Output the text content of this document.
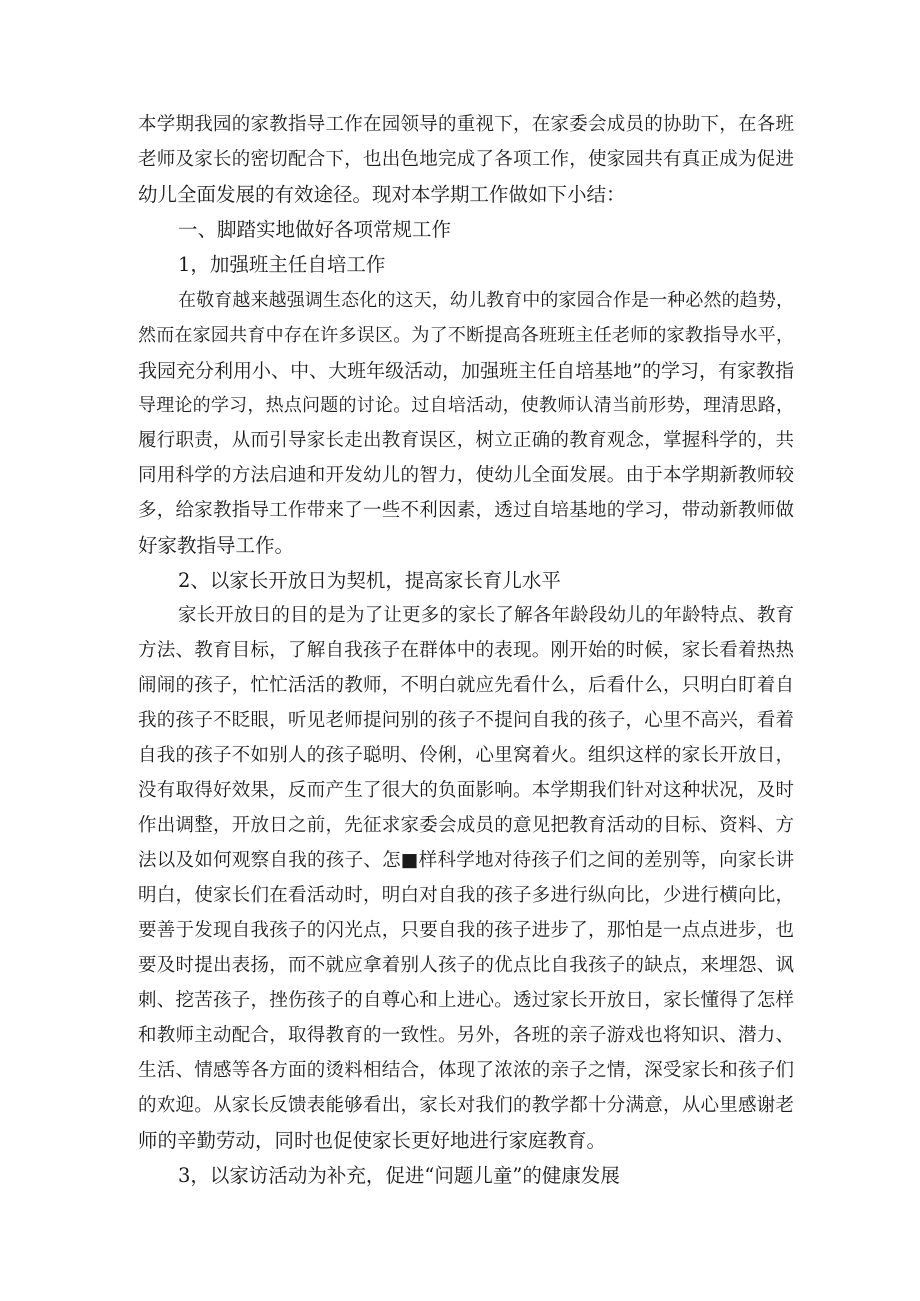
本学期我园的家教指导工作在园领导的重视下，在家委会成员的协助下，在各班

老师及家长的密切配合下，也出色地完成了各项工作，使家园共有真正成为促进

幼儿全面发展的有效途径。现对本学期工作做如下小结：

一、脚踏实地做好各项常规工作

1，加强班主任自培工作

在敬育越来越强调生态化的这天，幼儿教育中的家园合作是一种必然的趋势，

然而在家园共育中存在许多误区。为了不断提高各班班主任老师的家教指导水平，

我园充分利用小、中、大班年级活动，加强班主任自培基地”的学习，有家教指

导理论的学习，热点问题的讨论。过自培活动，使教师认清当前形势，理清思路，

履行职责，从而引导家长走出教育误区，树立正确的教育观念，掌握科学的，共

同用科学的方法启迪和开发幼儿的智力，使幼儿全面发展。由于本学期新教师较

多，给家教指导工作带来了一些不利因素，透过自培基地的学习，带动新教师做

好家教指导工作。

2、以家长开放日为契机，提高家长育儿水平

家长开放日的目的是为了让更多的家长了解各年龄段幼儿的年龄特点、教育

方法、教育目标，了解自我孩子在群体中的表现。刚开始的时候，家长看着热热

闹闹的孩子，忙忙活活的教师，不明白就应先看什么，后看什么，只明白盯着自

我的孩子不眨眼，听见老师提问别的孩子不提问自我的孩子，心里不高兴，看着

自我的孩子不如别人的孩子聪明、伶俐，心里窝着火。组织这样的家长开放日，

没有取得好效果，反而产生了很大的负面影响。本学期我们针对这种状况，及时

作出调整，开放日之前，先征求家委会成员的意见把教育活动的目标、资料、方

法以及如何观察自我的孩子、怎■样科学地对待孩子们之间的差别等，向家长讲

明白，使家长们在看活动时，明白对自我的孩子多进行纵向比，少进行横向比，

要善于发现自我孩子的闪光点，只要自我的孩子进步了，那怕是一点点进步，也

要及时提出表扬，而不就应拿着别人孩子的优点比自我孩子的缺点，来埋怨、讽

刺、挖苦孩子，挫伤孩子的自尊心和上进心。透过家长开放日，家长懂得了怎样

和教师主动配合，取得教育的一致性。另外，各班的亲子游戏也将知识、潜力、

生活、情感等各方面的烫料相结合，体现了浓浓的亲子之情，深受家长和孩子们

的欢迎。从家长反馈表能够看出，家长对我们的教学都十分满意，从心里感谢老

师的辛勤劳动，同时也促使家长更好地进行家庭教育。

3，以家访活动为补充，促进“问题儿童”的健康发展
